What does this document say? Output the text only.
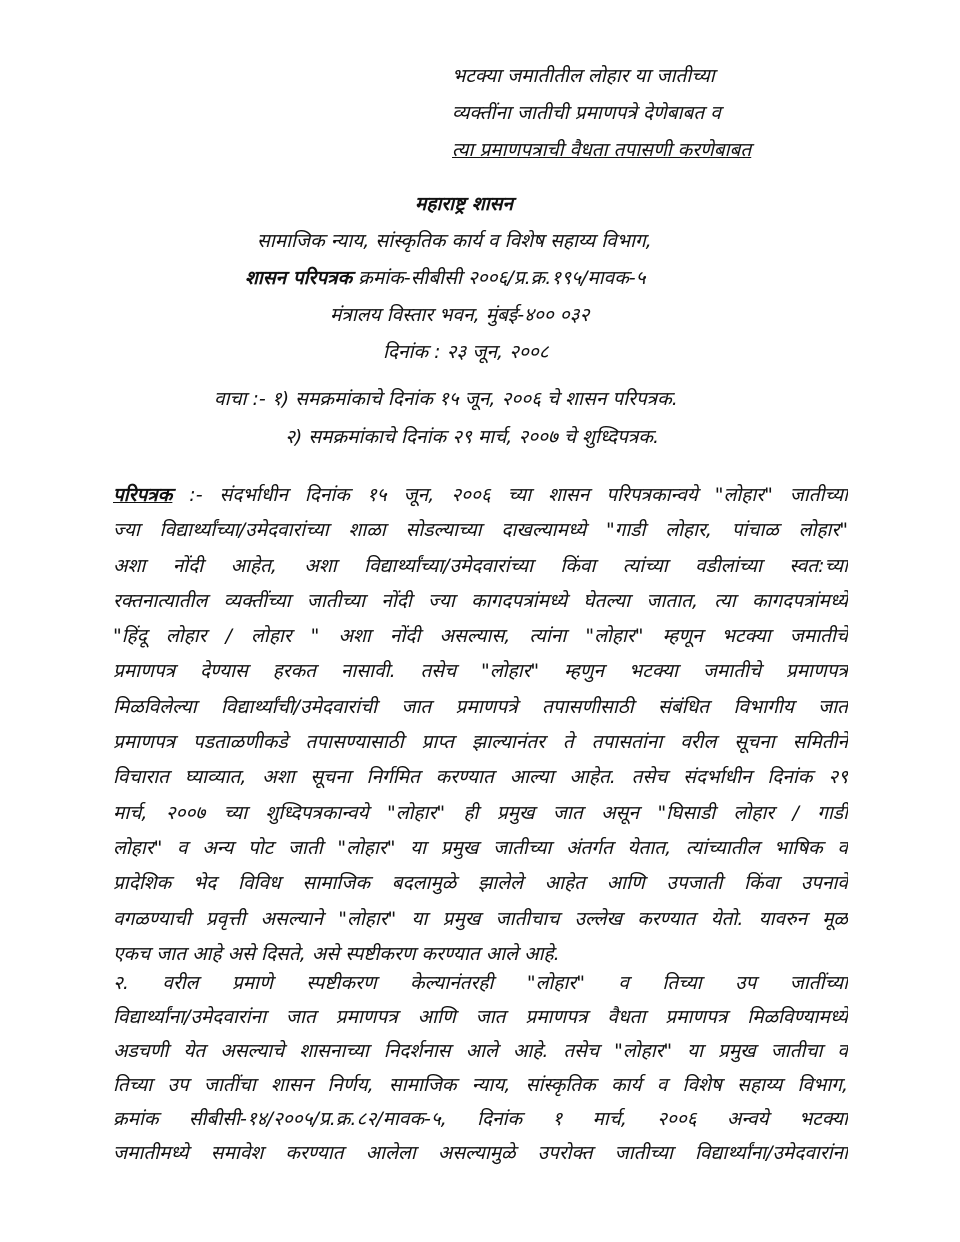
भटक्या जमातीतील लोहार या जातीच्या
व्यक्तींना जातीची प्रमाणपत्रे देणेबाबत व
त्या प्रमाणपत्राची वैधता तपासणी करणेबाबत
महाराष्ट्र शासन
सामाजिक न्याय, सांस्कृतिक कार्य व विशेष सहाय्य विभाग,
शासन परिपत्रक क्रमांक-सीबीसी २००६/प्र.क्र.१९५/मावक-५
मंत्रालय विस्तार भवन, मुंबई-४०० ०३२
दिनांक : २३ जून, २००८
वाचा :- १) समक्रमांकाचे दिनांक १५ जून, २००६ चे शासन परिपत्रक.
२) समक्रमांकाचे दिनांक २९ मार्च, २००७ चे शुध्दिपत्रक.
परिपत्रक :- संदर्भाधीन दिनांक १५ जून, २००६ च्या शासन परिपत्रकान्वये "लोहार" जातीच्या
ज्या विद्यार्थ्यांच्या/उमेदवारांच्या शाळा सोडल्याच्या दाखल्यामध्ये "गाडी लोहार, पांचाळ लोहार"
अशा नोंदी आहेत, अशा विद्यार्थ्यांच्या/उमेदवारांच्या किंवा त्यांच्या वडीलांच्या स्वत:च्या
रक्तनात्यातील व्यक्तींच्या जातीच्या नोंदी ज्या कागदपत्रांमध्ये घेतल्या जातात, त्या कागदपत्रांमध्ये
"हिंदू लोहार / लोहार " अशा नोंदी असल्यास, त्यांना "लोहार" म्हणून भटक्या जमातीचे
प्रमाणपत्र देण्यास हरकत नासावी. तसेच "लोहार" म्हणुन भटक्या जमातीचे प्रमाणपत्र
मिळविलेल्या विद्यार्थ्यांची/उमेदवारांची जात प्रमाणपत्रे तपासणीसाठी संबंधित विभागीय जात
प्रमाणपत्र पडताळणीकडे तपासण्यासाठी प्राप्त झाल्यानंतर ते तपासतांना वरील सूचना समितीने
विचारात घ्याव्यात, अशा सूचना निर्गमित करण्यात आल्या आहेत. तसेच संदर्भाधीन दिनांक २९
मार्च, २००७ च्या शुध्दिपत्रकान्वये "लोहार" ही प्रमुख जात असून "घिसाडी लोहार / गाडी
लोहार" व अन्य पोट जाती "लोहार" या प्रमुख जातीच्या अंतर्गत येतात, त्यांच्यातील भाषिक व
प्रादेशिक भेद विविध सामाजिक बदलामुळे झालेले आहेत आणि उपजाती किंवा उपनावे
वगळण्याची प्रवृत्ती असल्याने "लोहार" या प्रमुख जातीचाच उल्लेख करण्यात येतो. यावरुन मूळ
एकच जात आहे असे दिसते, असे स्पष्टीकरण करण्यात आले आहे.
२. वरील प्रमाणे स्पष्टीकरण केल्यानंतरही "लोहार" व तिच्या उप जातींच्या
विद्यार्थ्यांना/उमेदवारांना जात प्रमाणपत्र आणि जात प्रमाणपत्र वैधता प्रमाणपत्र मिळविण्यामध्ये
अडचणी येत असल्याचे शासनाच्या निदर्शनास आले आहे. तसेच "लोहार" या प्रमुख जातीचा व
तिच्या उप जातींचा शासन निर्णय, सामाजिक न्याय, सांस्कृतिक कार्य व विशेष सहाय्य विभाग,
क्रमांक सीबीसी-१४/२००५/प्र.क्र.८२/मावक-५, दिनांक १ मार्च, २००६ अन्वये भटक्या
जमातीमध्ये समावेश करण्यात आलेला असल्यामुळे उपरोक्त जातीच्या विद्यार्थ्यांना/उमेदवारांना
